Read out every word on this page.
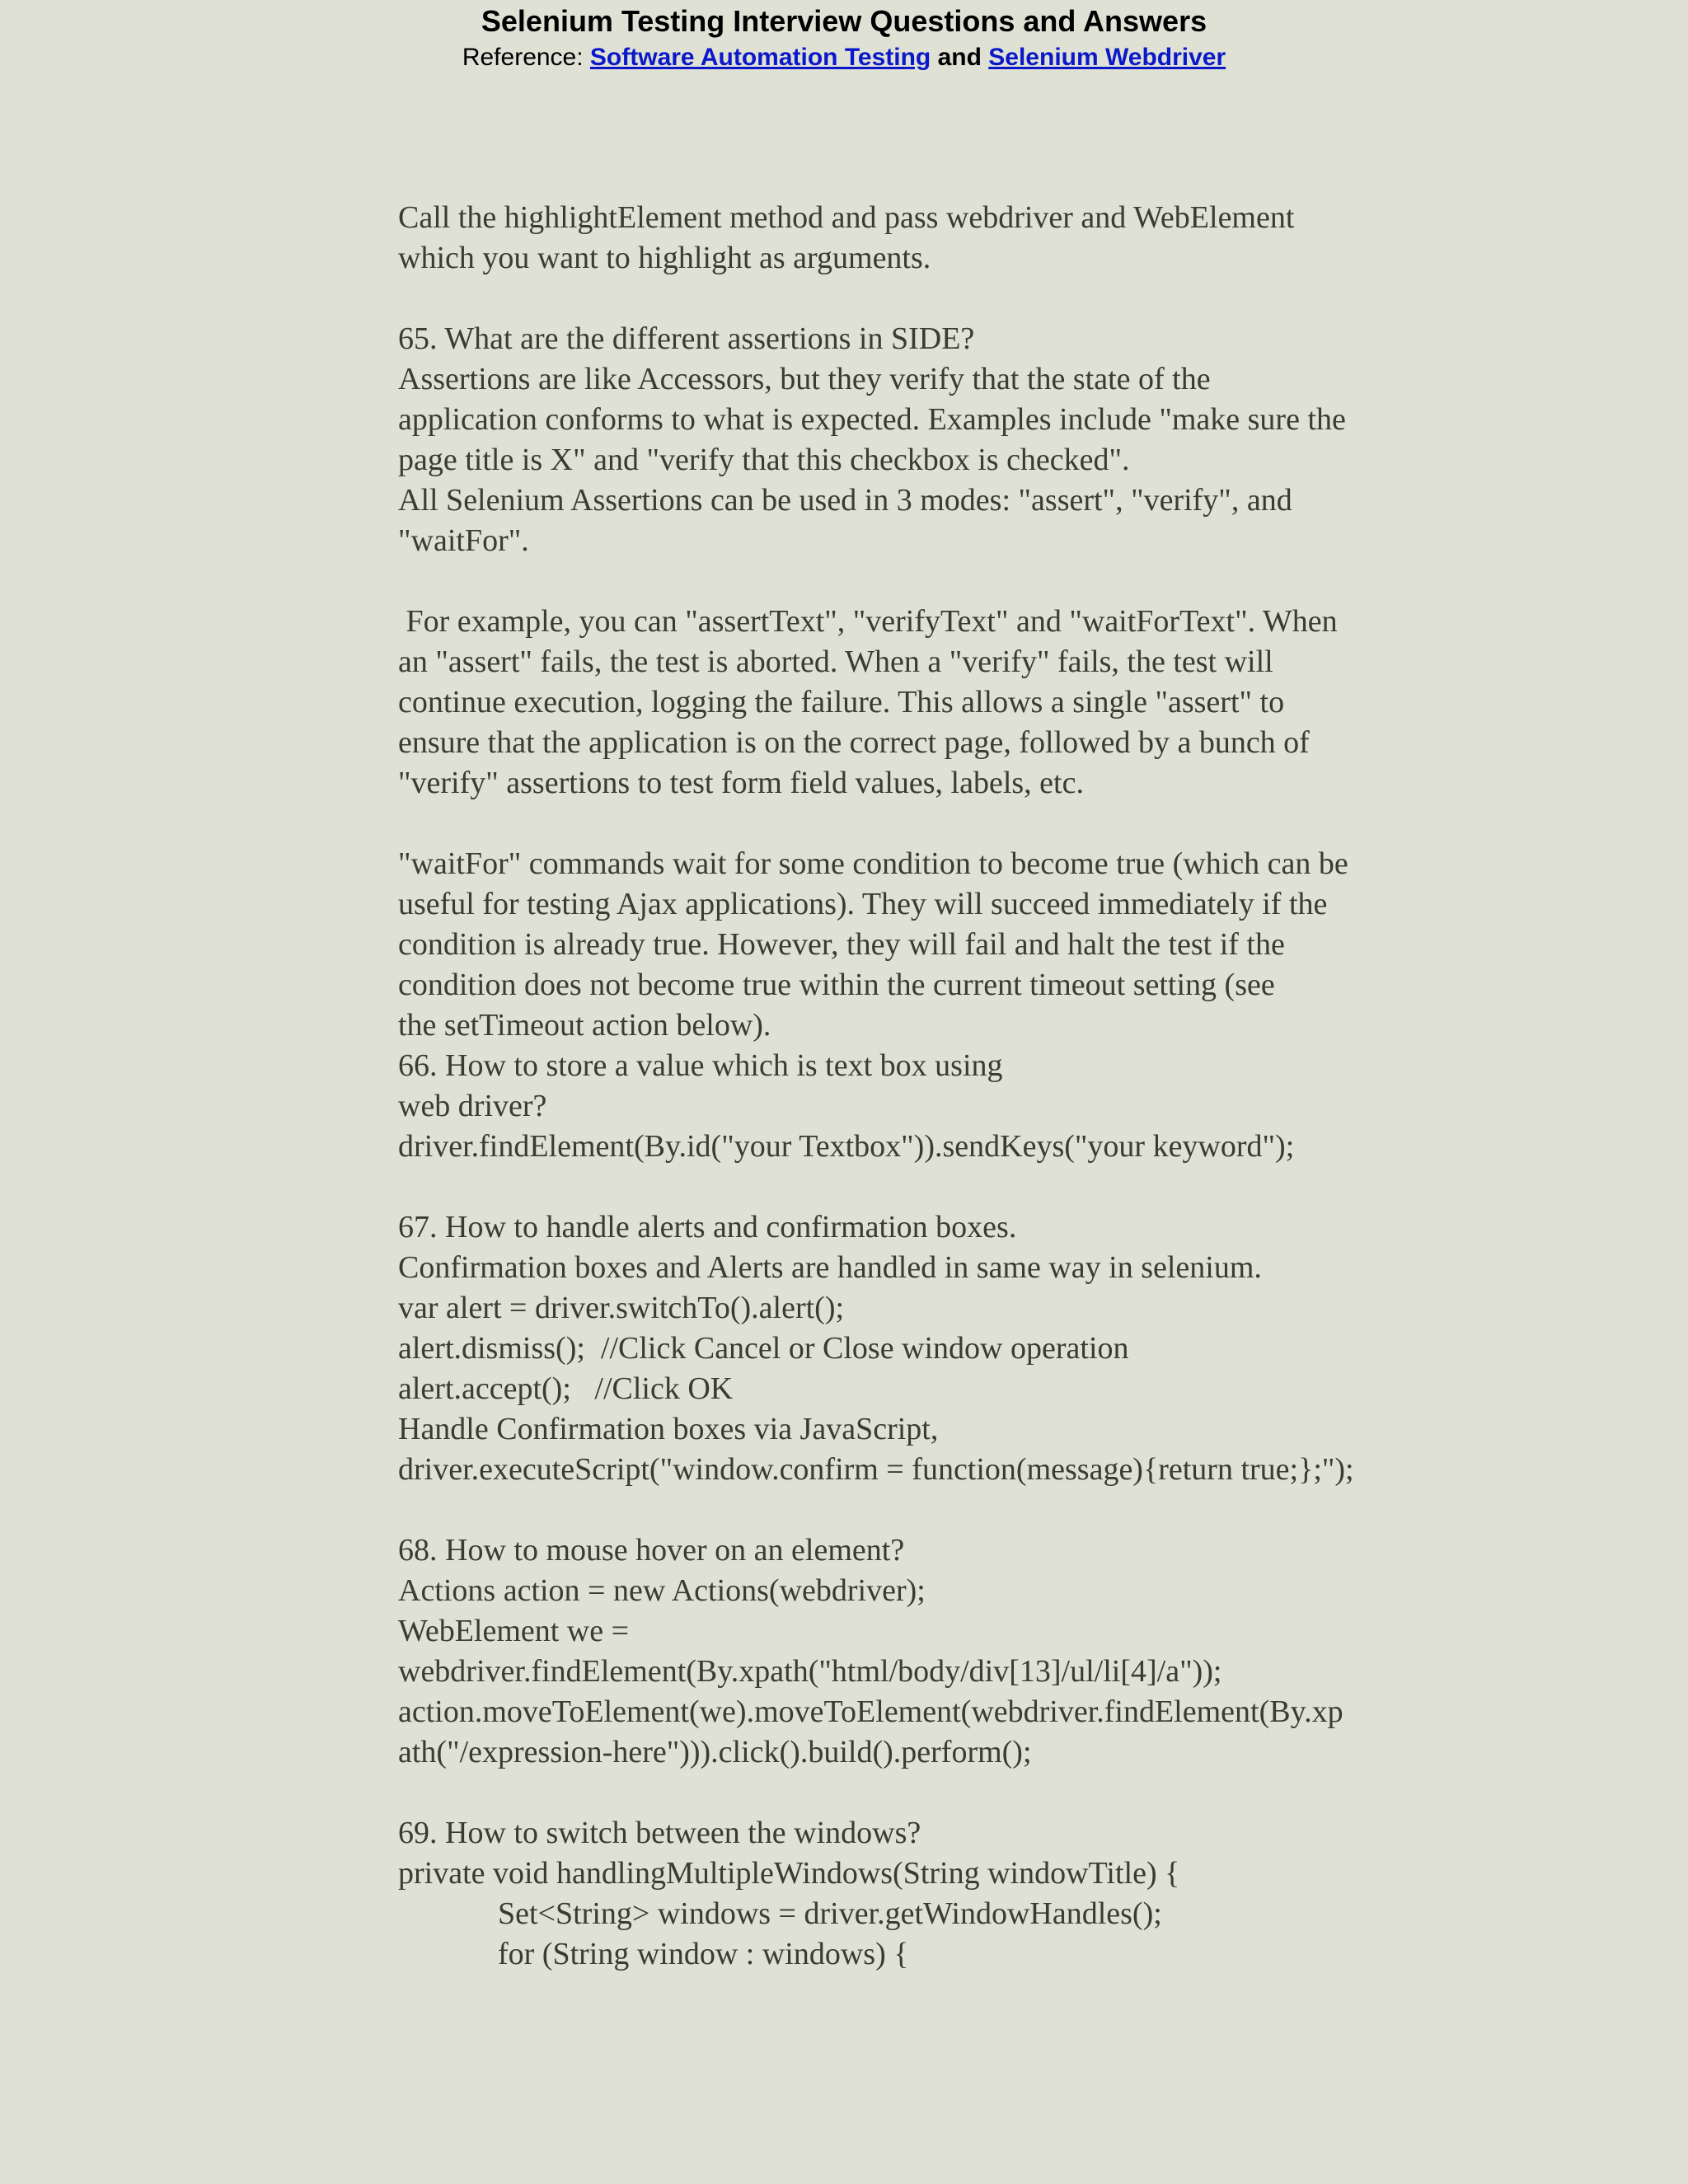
Selenium Testing Interview Questions and Answers
Reference: Software Automation Testing and Selenium Webdriver
Call the highlightElement method and pass webdriver and WebElement
which you want to highlight as arguments.
65. What are the different assertions in SIDE?
Assertions are like Accessors, but they verify that the state of the
application conforms to what is expected. Examples include "make sure the
page title is X" and "verify that this checkbox is checked".
All Selenium Assertions can be used in 3 modes: "assert", "verify", and
"waitFor".
For example, you can "assertText", "verifyText" and "waitForText". When
an "assert" fails, the test is aborted. When a "verify" fails, the test will
continue execution, logging the failure. This allows a single "assert" to
ensure that the application is on the correct page, followed by a bunch of
"verify" assertions to test form field values, labels, etc.
"waitFor" commands wait for some condition to become true (which can be
useful for testing Ajax applications). They will succeed immediately if the
condition is already true. However, they will fail and halt the test if the
condition does not become true within the current timeout setting (see
the setTimeout action below).
66. How to store a value which is text box using
web driver?
driver.findElement(By.id("your Textbox")).sendKeys("your keyword");
67. How to handle alerts and confirmation boxes.
Confirmation boxes and Alerts are handled in same way in selenium.
var alert = driver.switchTo().alert();
alert.dismiss();  //Click Cancel or Close window operation
alert.accept();   //Click OK
Handle Confirmation boxes via JavaScript,
driver.executeScript("window.confirm = function(message){return true;};");
68. How to mouse hover on an element?
Actions action = new Actions(webdriver);
WebElement we =
webdriver.findElement(By.xpath("html/body/div[13]/ul/li[4]/a"));
action.moveToElement(we).moveToElement(webdriver.findElement(By.xp
ath("/expression-here"))).click().build().perform();
69. How to switch between the windows?
private void handlingMultipleWindows(String windowTitle) {
Set<String> windows = driver.getWindowHandles();
for (String window : windows) {
